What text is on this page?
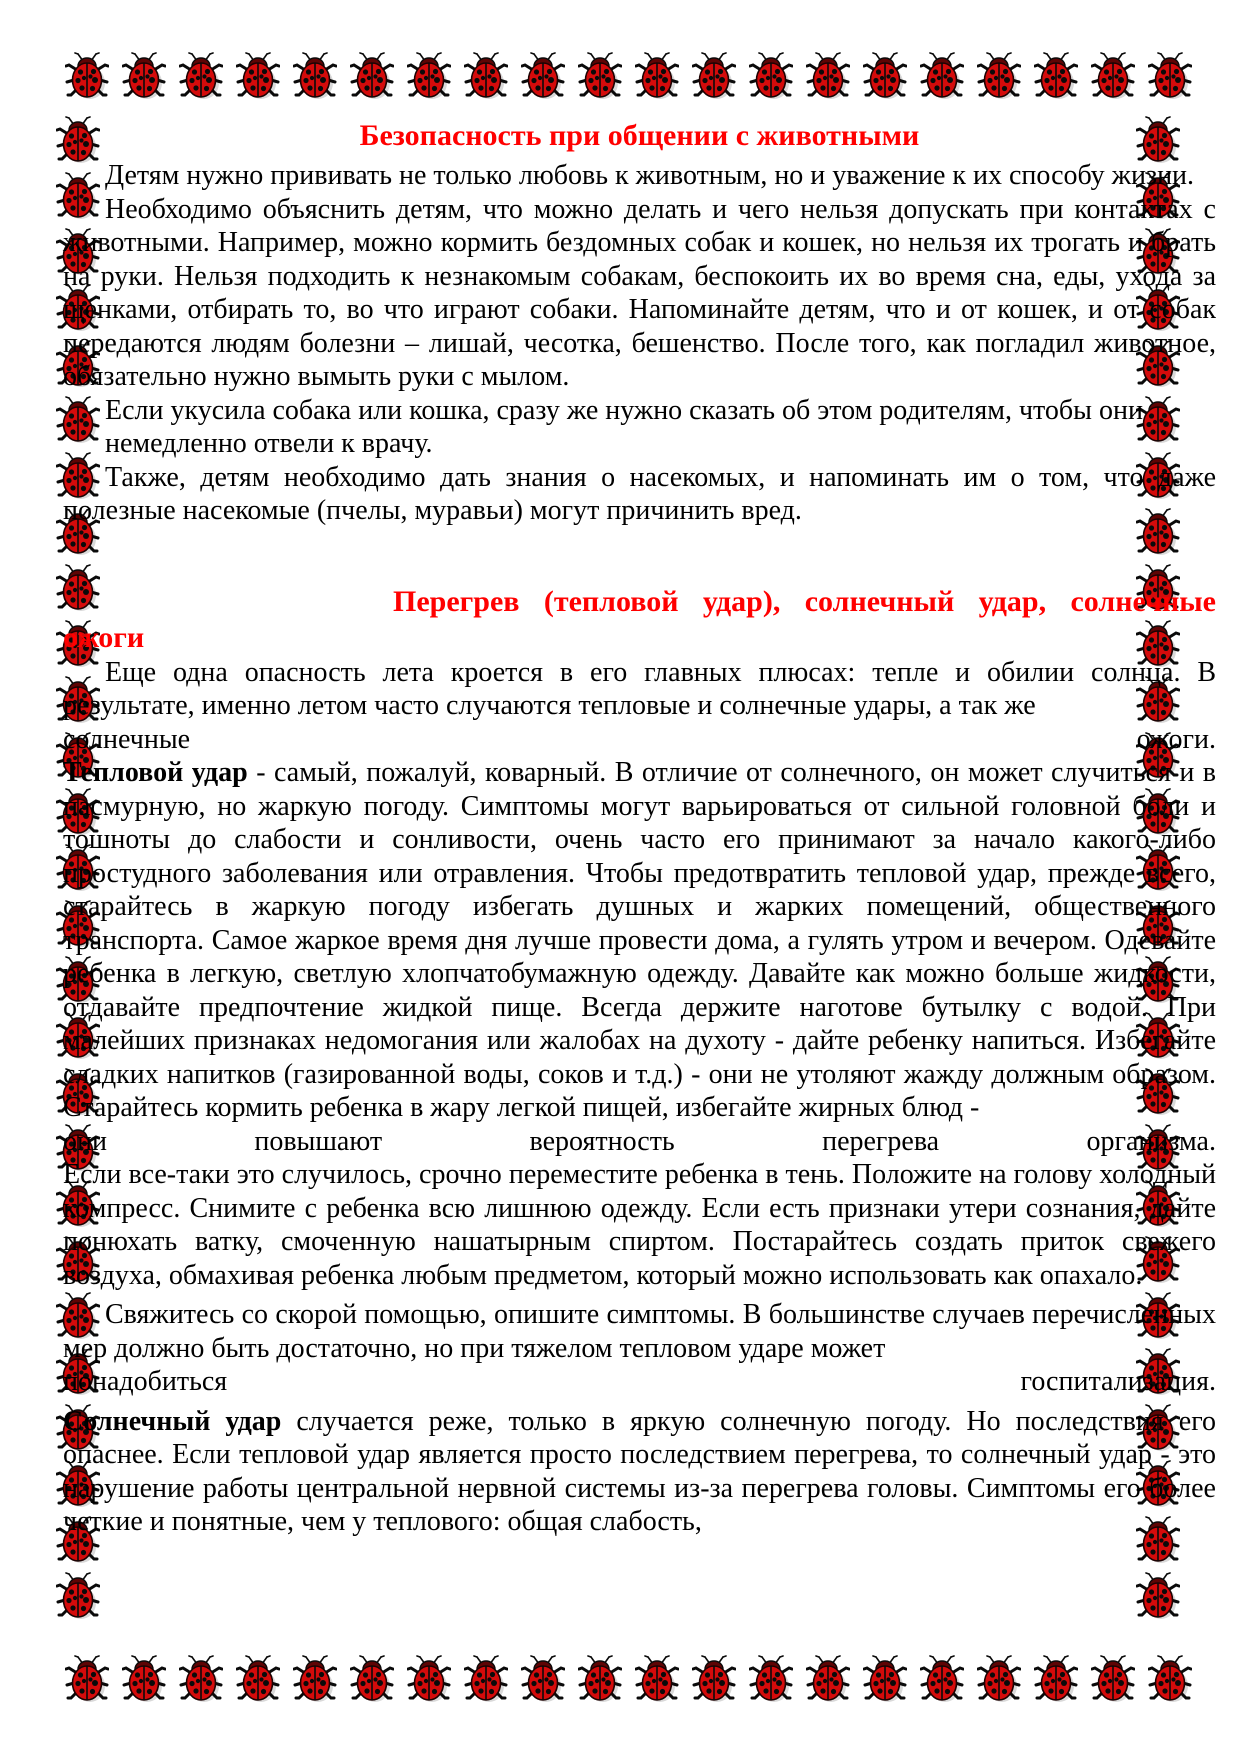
Безопасность при общении с животными

Детям нужно прививать не только любовь к животным, но и уважение к их способу жизни.

Необходимо объяснить детям, что можно делать и чего нельзя допускать при контактах с животными. Например, можно кормить бездомных собак и кошек, но нельзя их трогать и брать на руки. Нельзя подходить к незнакомым собакам, беспокоить их во время сна, еды, ухода за щенками, отбирать то, во что играют собаки. Напоминайте детям, что и от кошек, и от собак передаются людям болезни – лишай, чесотка, бешенство. После того, как погладил животное, обязательно нужно вымыть руки с мылом.

Если укусила собака или кошка, сразу же нужно сказать об этом родителям, чтобы они немедленно отвели к врачу.

Также, детям необходимо дать знания о насекомых, и напоминать им о том, что даже полезные насекомые (пчелы, муравьи) могут причинить вред.

Перегрев (тепловой удар), солнечный удар, солнечные
ожоги
Еще одна опасность лета кроется в его главных плюсах: тепле и обилии солнца. В результате, именно летом часто случаются тепловые и солнечные удары, а так же
солнечные ожоги.
Тепловой удар - самый, пожалуй, коварный. В отличие от солнечного, он может случиться и в пасмурную, но жаркую погоду. Симптомы могут варьироваться от сильной головной боли и тошноты до слабости и сонливости, очень часто его принимают за начало какого-либо простудного заболевания или отравления. Чтобы предотвратить тепловой удар, прежде всего, старайтесь в жаркую погоду избегать душных и жарких помещений, общественного транспорта. Самое жаркое время дня лучше провести дома, а гулять утром и вечером. Одевайте ребенка в легкую, светлую хлопчатобумажную одежду. Давайте как можно больше жидкости, отдавайте предпочтение жидкой пище. Всегда держите наготове бутылку с водой. При малейших признаках недомогания или жалобах на духоту - дайте ребенку напиться. Избегайте сладких напитков (газированной воды, соков и т.д.) - они не утоляют жажду должным образом. Старайтесь кормить ребенка в жару легкой пищей, избегайте жирных блюд -
они повышают вероятность перегрева организма.
Если все-таки это случилось, срочно переместите ребенка в тень. Положите на голову холодный компресс. Снимите с ребенка всю лишнюю одежду. Если есть признаки утери сознания, дайте понюхать ватку, смоченную нашатырным спиртом. Постарайтесь создать приток свежего воздуха, обмахивая ребенка любым предметом, который можно использовать как опахало.
Свяжитесь со скорой помощью, опишите симптомы. В большинстве случаев перечисленных мер должно быть достаточно, но при тяжелом тепловом ударе может
понадобиться госпитализация.
Солнечный удар случается реже, только в яркую солнечную погоду. Но последствия его опаснее. Если тепловой удар является просто последствием перегрева, то солнечный удар - это нарушение работы центральной нервной системы из-за перегрева головы. Симптомы его более четкие и понятные, чем у теплового: общая слабость,
